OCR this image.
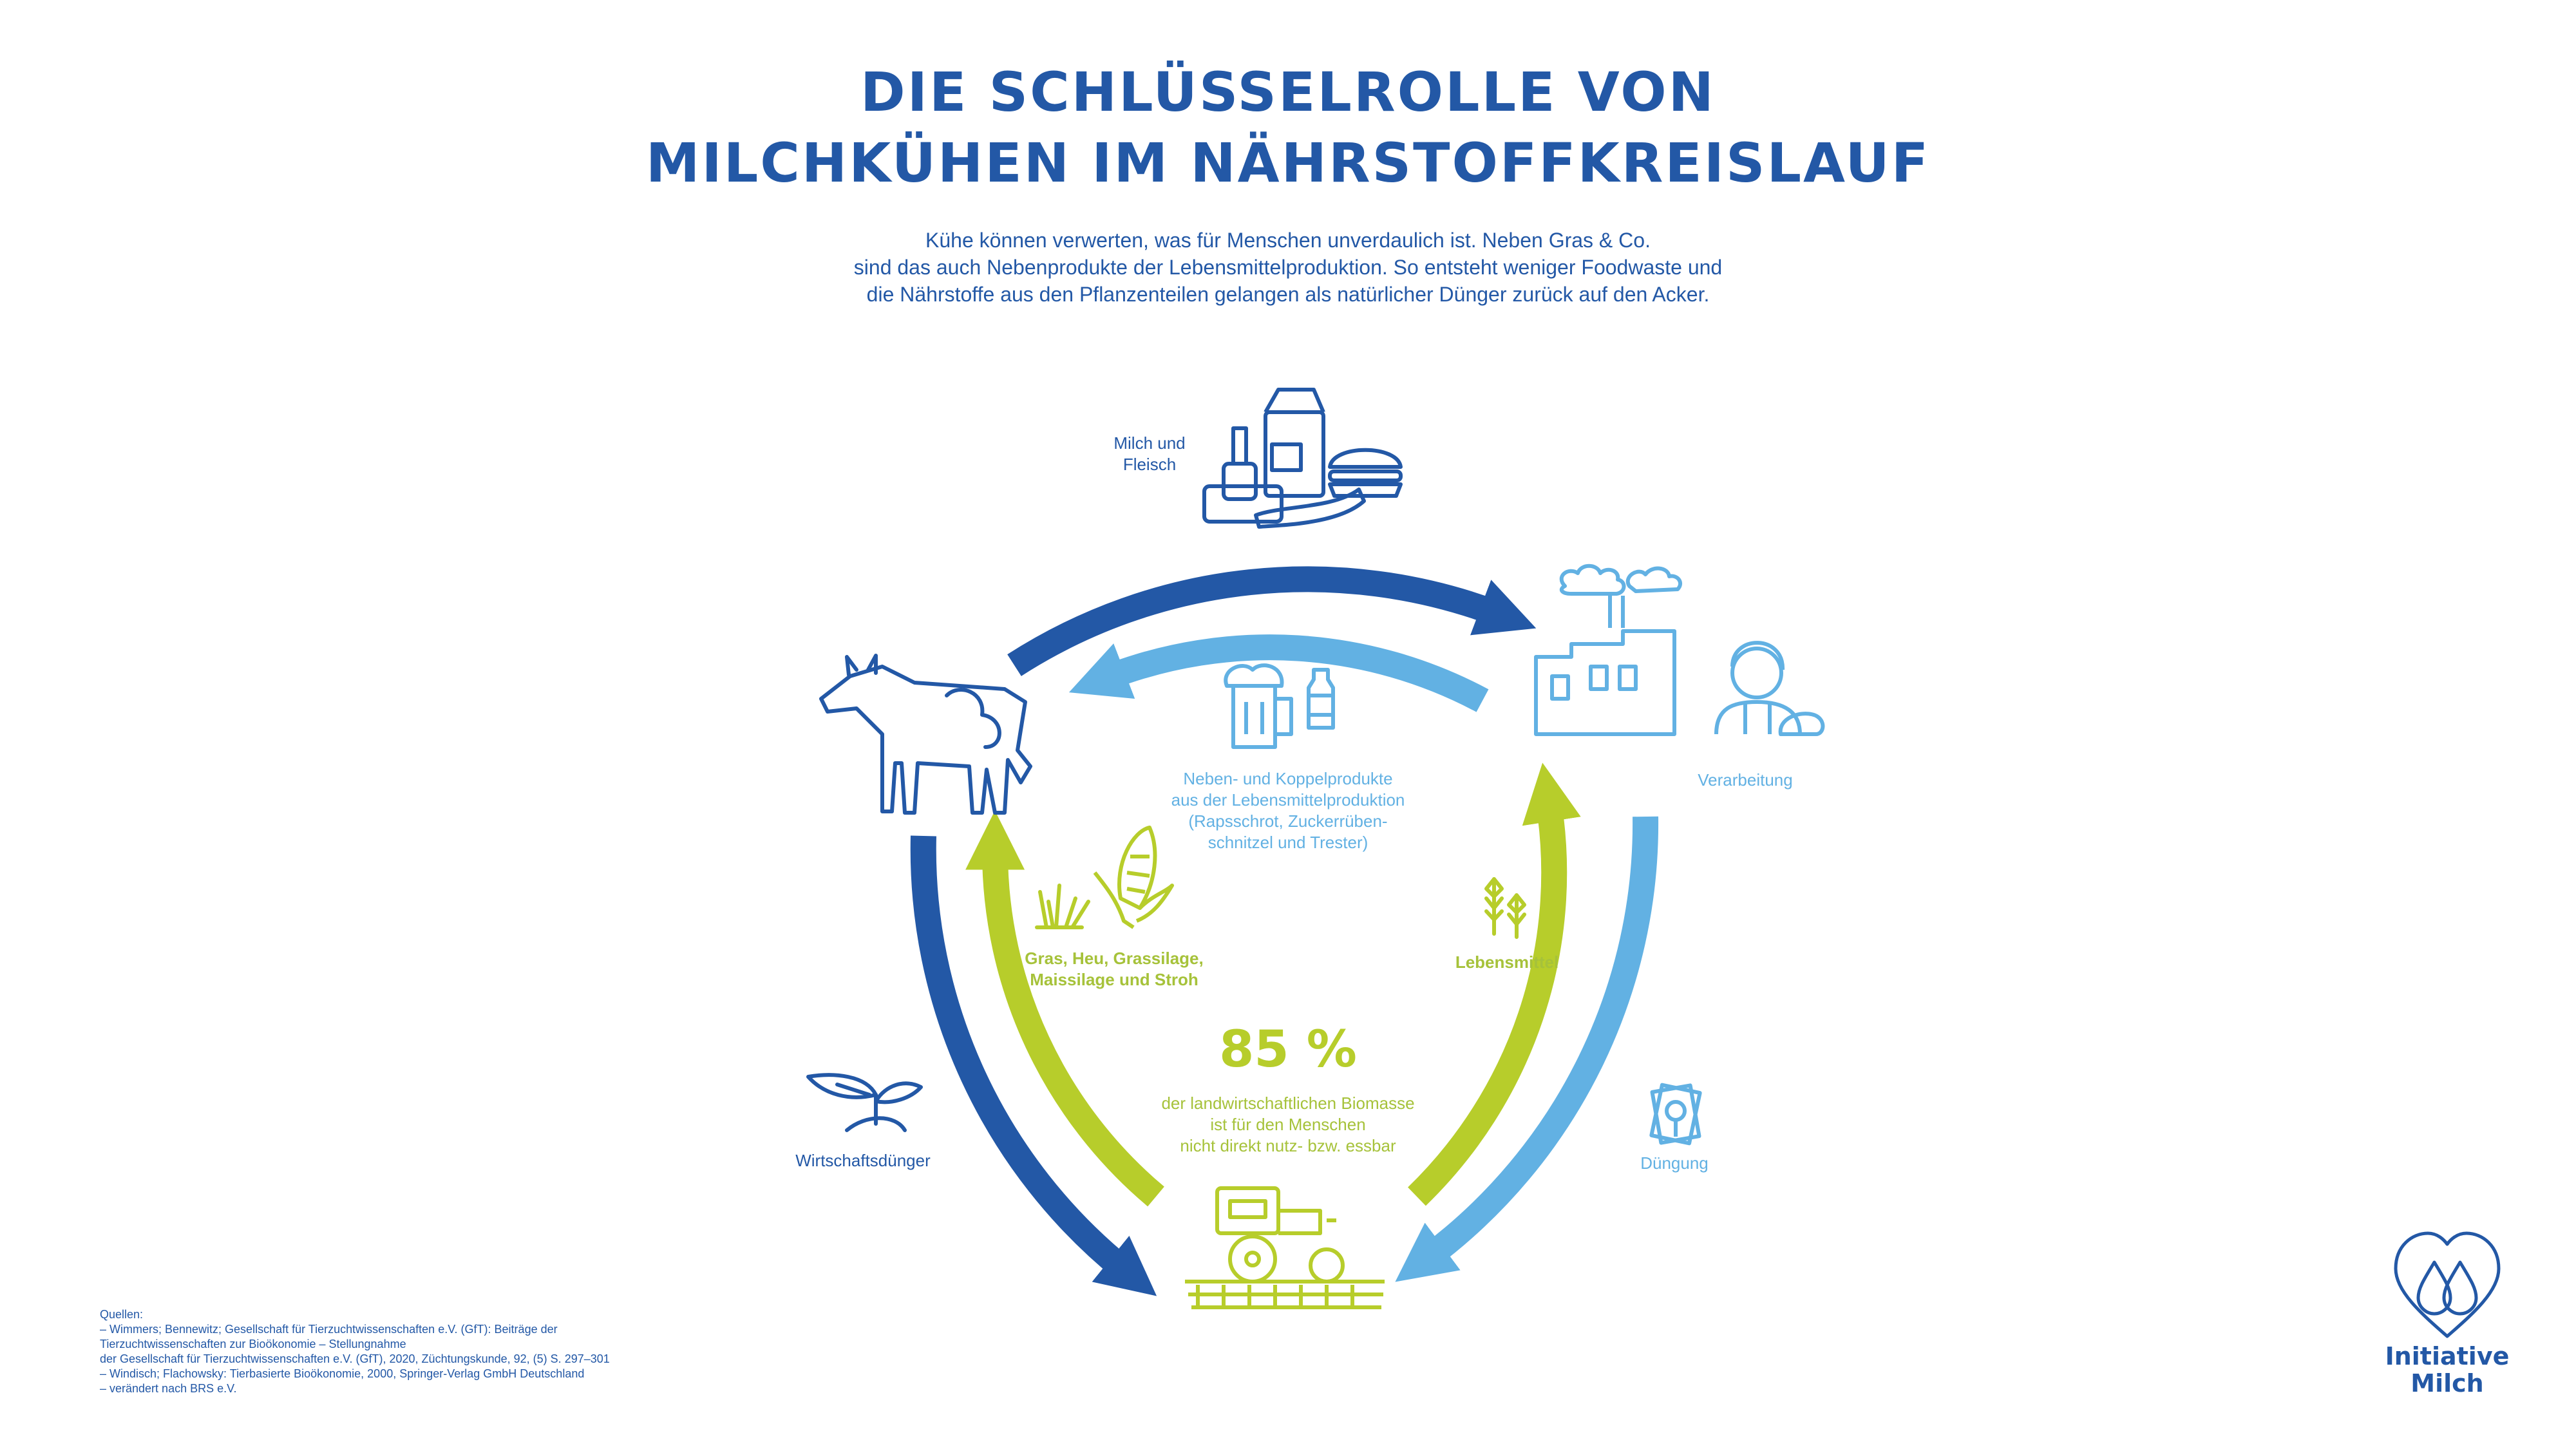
DIE SCHLÜSSELROLLE VON
MILCHKÜHEN IM NÄHRSTOFFKREISLAUF
Kühe können verwerten, was für Menschen unverdaulich ist. Neben Gras & Co.
sind das auch Nebenprodukte der Lebensmittelproduktion. So entsteht weniger Foodwaste und
die Nährstoffe aus den Pflanzenteilen gelangen als natürlicher Dünger zurück auf den Acker.
Milch und
Fleisch
Verarbeitung
Neben- und Koppelprodukte
aus der Lebensmittelproduktion
(Rapsschrot, Zuckerrüben-
schnitzel und Trester)
Gras, Heu, Grassilage,
Maissilage und Stroh
Lebensmittel
85 %
der landwirtschaftlichen Biomasse
ist für den Menschen
nicht direkt nutz- bzw. essbar
Wirtschaftsdünger	Düngung
Quellen:
– Wimmers; Bennewitz; Gesellschaft für Tierzuchtwissenschaften e.V. (GfT): Beiträge der
Tierzuchtwissenschaften zur Bioökonomie – Stellungnahme
der Gesellschaft für Tierzuchtwissenschaften e.V. (GfT), 2020, Züchtungskunde, 92, (5) S. 297–301
– Windisch; Flachowsky: Tierbasierte Bioökonomie, 2000, Springer-Verlag GmbH Deutschland
– verändert nach BRS e.V.
Initiative
Milch
